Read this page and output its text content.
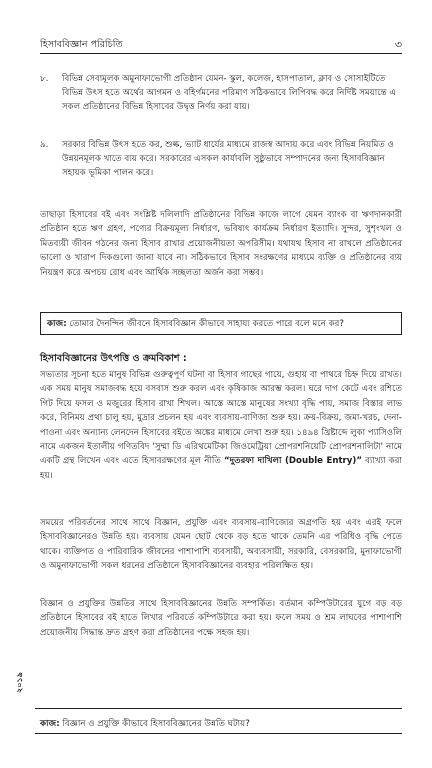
হিসাববিজ্ঞান পরিচিতি	৩
৮.	বিভিন্ন সেবামূলক অমুনাফাভোগী প্রতিষ্ঠান যেমন- স্কুল, কলেজ, হাসপাতাল, ক্লাব ও সোসাইটিতে বিভিন্ন উৎস হতে অর্থের আগমন ও বহির্গমনের পরিমাণ সঠিকভাবে লিপিবদ্ধ করে নির্দিষ্ট সময়ান্তে এ সকল প্রতিষ্ঠানের বিভিন্ন হিসাবের উদ্বৃত্ত নির্ণয় করা যায়।
৯.	সরকার বিভিন্ন উৎস হতে কর, শুল্ক, ভ্যাট ধার্যের মাধ্যমে রাজস্ব আদায় করে এবং বিভিন্ন নিয়মিত ও উন্নয়নমূলক খাতে ব্যয় করে। সরকারের এসকল কার্যাবলি সুষ্ঠুভাবে সম্পাদনের জন্য হিসাববিজ্ঞান সহায়ক ভূমিকা পালন করে।
তাছাড়া হিসাবের বই এবং সংশ্লিষ্ট দলিলাদি প্রতিষ্ঠানের বিভিন্ন কাজে লাগে যেমন ব্যাংক বা ঋণদানকারী প্রতিষ্ঠান হতে ঋণ গ্রহণ, পণ্যের বিক্রয়মূল্য নির্ধারণ, ভবিষ্যৎ কার্যক্রম নির্ধারণ ইত্যাদি। সুন্দর, সুশৃংখল ও মিতব্যয়ী জীবন গঠনের জন্য হিসাব রাখার প্রয়োজনীয়তা অপরিসীম। যথাযথ হিসাব না রাখলে প্রতিষ্ঠানের ভালো ও খারাপ দিকগুলো জানা যাবে না। সঠিকভাবে হিসাব সংরক্ষণের মাধ্যমে ব্যক্তি ও প্রতিষ্ঠানের ব্যয় নিয়ন্ত্রণ করে অপচয় রোধ এবং আর্থিক সচ্ছলতা অর্জন করা সম্ভব।
কাজ: তোমার দৈনন্দিন জীবনে হিসাববিজ্ঞান কীভাবে সাহায্য করতে পারে বলে মনে কর?
হিসাববিজ্ঞানের উৎপত্তি ও ক্রমবিকাশ :
সভ্যতার সূচনা হতে মানুষ বিভিন্ন গুরুত্বপূর্ণ ঘটনা বা হিসাব গাছের গায়ে, গুহায় বা পাথরে চিহ্ন দিয়ে রাখত। এক সময় মানুষ সমাজবদ্ধ হয়ে বসবাস শুরু করল এবং কৃষিকাজ আরম্ভ করল। ঘরে দাগ কেটে এবং রশিতে গিট দিয়ে ফসল ও মজুরের হিসাব রাখা শিখল। আস্তে আস্তে মানুষের সংখ্যা বৃদ্ধি পায়, সমাজ বিস্তার লাভ করে, বিনিময় প্রথা চালু হয়, মুদ্রার প্রচলন হয় এবং ব্যবসায়-বাণিজ্য শুরু হয়। ক্রয়-বিক্রয়, জমা-খরচ, দেনা-পাওনা এবং অন্যান্য লেনদেন হিসাবের বইতে অঙ্কের মাধ্যমে লেখা শুরু হয়। ১৪৯৪ খ্রিষ্টাব্দে লুকা প্যাসিওলি নামে একজন ইতালীয় গণিতবিদ 'সুম্মা ডি এরিথমেটিকা জিওমেট্রিয়া প্রোপরশনিয়েটি প্রোপরশনালিটা' নামে একটি গ্রন্থ লিখেন এবং এতে হিসাবরক্ষণের মূল নীতি “দুতরফা দাখিলা (Double Entry)” ব্যাখ্যা করা হয়।
সময়ের পরিবর্তনের সাথে সাথে বিজ্ঞান, প্রযুক্তি এবং ব্যবসায়-বাণিজ্যের অগ্রগতি হয় এবং এরই ফলে হিসাববিজ্ঞানেরও উন্নতি হয়। ব্যবসায় যেমন ছোট থেকে বড় হতে থাকে তেমনি এর পরিধিও বৃদ্ধি পেতে থাকে। ব্যক্তিগত ও পারিবারিক জীবনের পাশাপাশি ব্যবসায়ী, অব্যবসায়ী, সরকারি, বেসরকারি, মুনাফাভোগী ও অমুনাফাভোগী সকল ধরনের প্রতিষ্ঠানে হিসাববিজ্ঞানের ব্যবহার পরিলক্ষিত হয়।
বিজ্ঞান ও প্রযুক্তির উন্নতির সাথে হিসাববিজ্ঞানের উন্নতি সম্পর্কিত। বর্তমান কম্পিউটারের যুগে বড় বড় প্রতিষ্ঠানে হিসাবের বই হাতে লিখার পরিবর্তে কম্পিউটারে করা হয়। ফলে সময় ও শ্রম লাঘবের পাশাপাশি প্রয়োজনীয় সিদ্ধান্ত দ্রুত গ্রহণ করা প্রতিষ্ঠানের পক্ষে সহজ হয়।
২০১৯
কাজ: বিজ্ঞান ও প্রযুক্তি কীভাবে হিসাববিজ্ঞানের উন্নতি ঘটায়?
